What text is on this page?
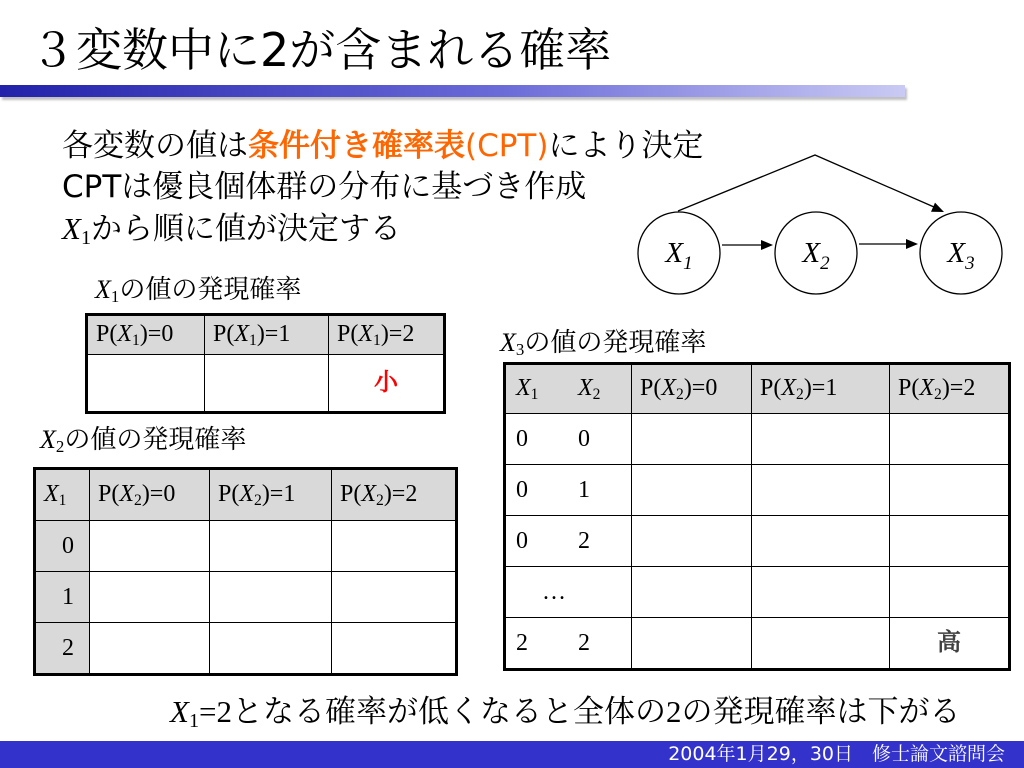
３変数中に2が含まれる確率
各変数の値は条件付き確率表(CPT)により決定
CPTは優良個体群の分布に基づき作成
$X_1$から順に値が決定する
$X_1$	$X_2$	$X_3$
$X_1$の値の発現確率
$P(X_1)=0$	$P(X_1)=1$	$P(X_1)=2$
		小
$X_3$の値の発現確率
$X_1$ $X_2$	$P(X_2)=0$	$P(X_2)=1$	$P(X_2)=2$
0 0			
0 1			
0 2			
…			
2 2			高
$X_2$の値の発現確率
$X_1$	$P(X_2)=0$	$P(X_2)=1$	$P(X_2)=2$
0			
1			
2			
$X_1=2$となる確率が低くなると全体の2の発現確率は下がる
2004年1月29，30日　修士論文諮問会
